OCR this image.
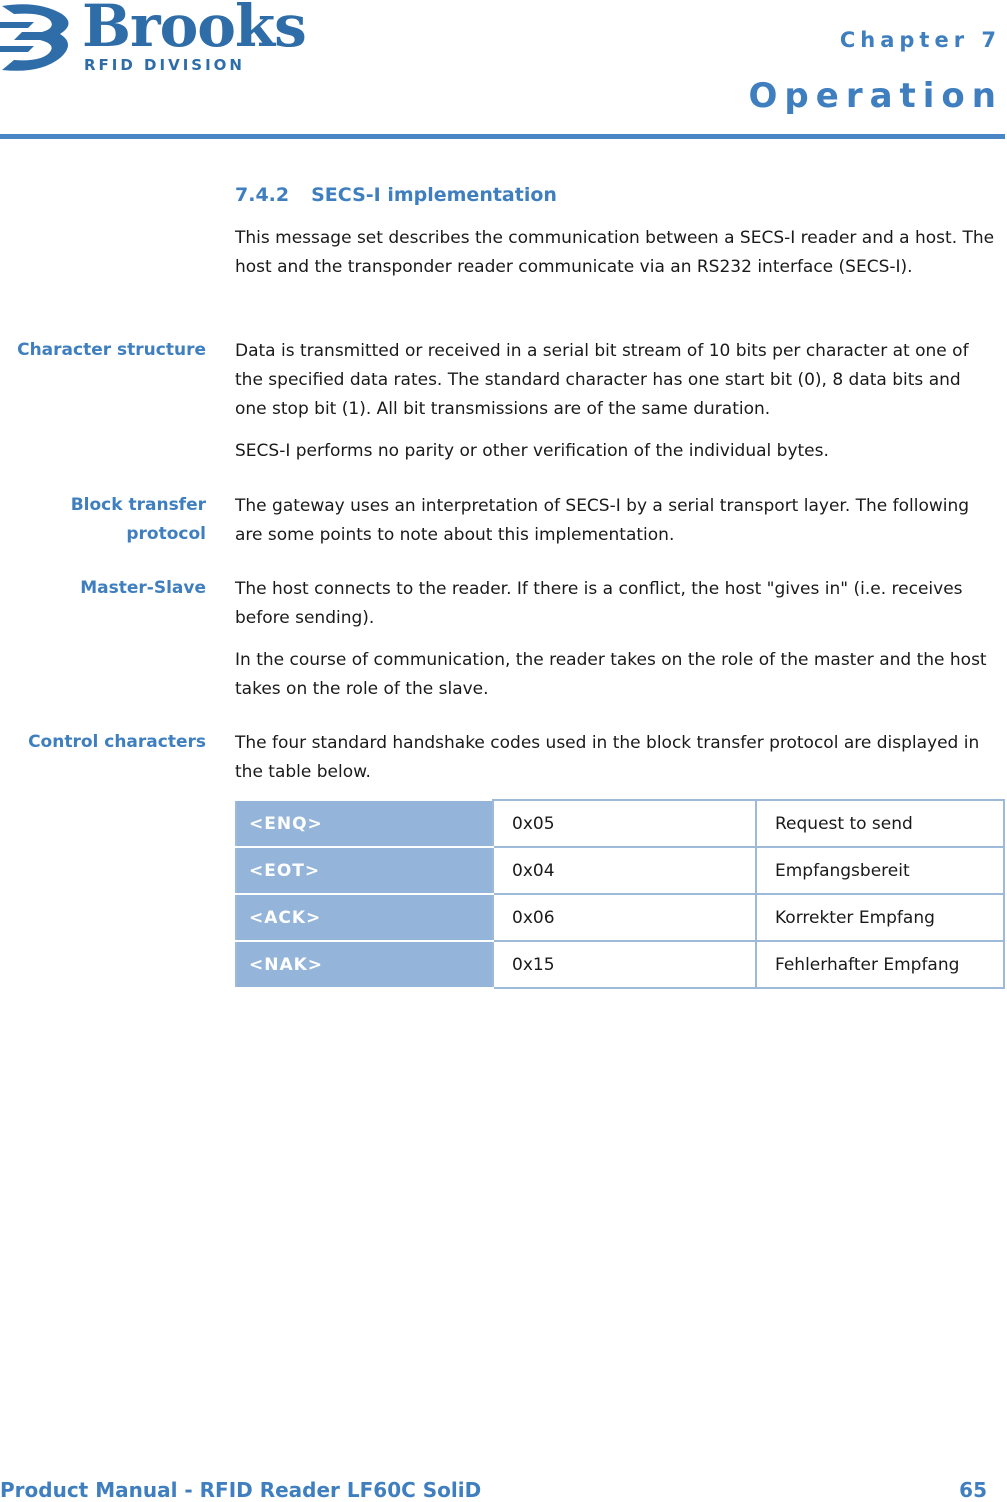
Brooks
RFID DIVISION
Chapter 7
Operation
7.4.2 SECS-I implementation
This message set describes the communication between a SECS-I reader and a host. The host and the transponder reader communicate via an RS232 interface (SECS-I).
Character structure Data is transmitted or received in a serial bit stream of 10 bits per character at one of the specified data rates. The standard character has one start bit (0), 8 data bits and one stop bit (1). All bit transmissions are of the same duration.
SECS-I performs no parity or other verification of the individual bytes.
Block transfer
protocol
The gateway uses an interpretation of SECS-I by a serial transport layer. The following are some points to note about this implementation.
Master-Slave The host connects to the reader. If there is a conflict, the host "gives in" (i.e. receives before sending).
In the course of communication, the reader takes on the role of the master and the host takes on the role of the slave.
Control characters The four standard handshake codes used in the block transfer protocol are displayed in the table below.
<ENQ>	0x05	Request to send
<EOT>	0x04	Empfangsbereit
<ACK>	0x06	Korrekter Empfang
<NAK>	0x15	Fehlerhafter Empfang
Product Manual - RFID Reader LF60C SoliD	65
